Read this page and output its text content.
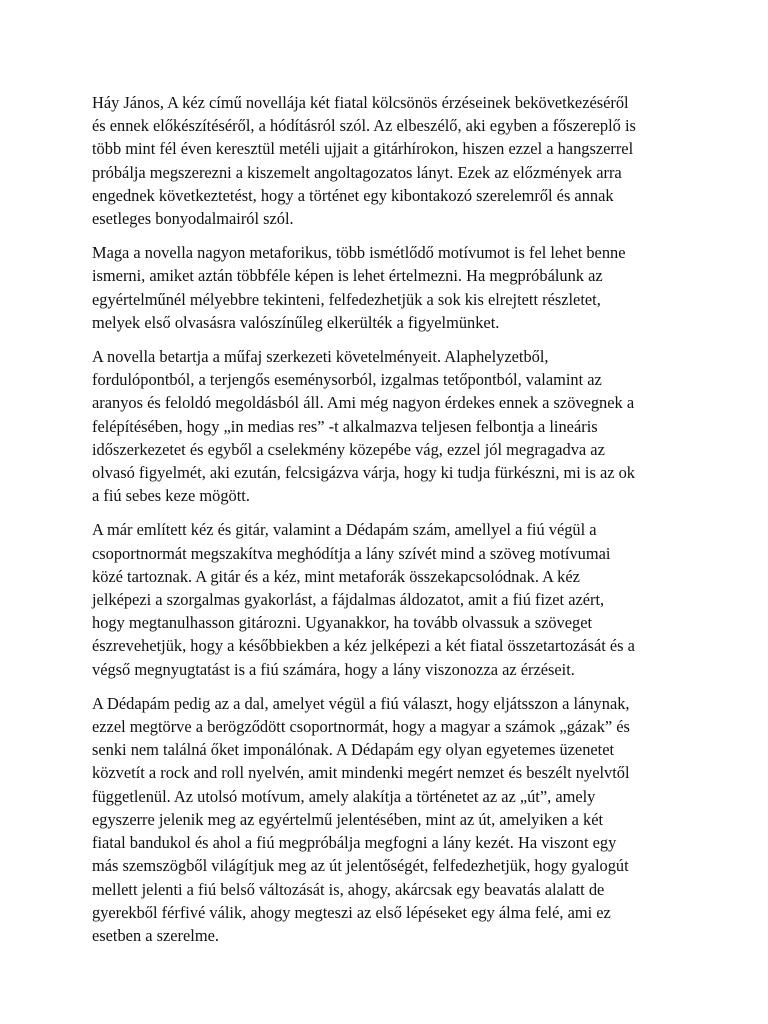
Háy János, A kéz című novellája két fiatal kölcsönös érzéseinek bekövetkezéséről
és ennek előkészítéséről, a hódításról szól. Az elbeszélő, aki egyben a főszereplő is
több mint fél éven keresztül metéli ujjait a gitárhírokon, hiszen ezzel a hangszerrel
próbálja megszerezni a kiszemelt angoltagozatos lányt. Ezek az előzmények arra
engednek következtetést, hogy a történet egy kibontakozó szerelemről és annak
esetleges bonyodalmairól szól.

Maga a novella nagyon metaforikus, több ismétlődő motívumot is fel lehet benne
ismerni, amiket aztán többféle képen is lehet értelmezni. Ha megpróbálunk az
egyértelműnél mélyebbre tekinteni, felfedezhetjük a sok kis elrejtett részletet,
melyek első olvasásra valószínűleg elkerülték a figyelmünket.

A novella betartja a műfaj szerkezeti követelményeit. Alaphelyzetből,
fordulópontból, a terjengős eseménysorból, izgalmas tetőpontból, valamint az
aranyos és feloldó megoldásból áll. Ami még nagyon érdekes ennek a szövegnek a
felépítésében, hogy „in medias res” -t alkalmazva teljesen felbontja a lineáris
időszerkezetet és egyből a cselekmény közepébe vág, ezzel jól megragadva az
olvasó figyelmét, aki ezután, felcsigázva várja, hogy ki tudja fürkészni, mi is az ok
a fiú sebes keze mögött.

A már említett kéz és gitár, valamint a Dédapám szám, amellyel a fiú végül a
csoportnormát megszakítva meghódítja a lány szívét mind a szöveg motívumai
közé tartoznak. A gitár és a kéz, mint metaforák összekapcsolódnak. A kéz
jelképezi a szorgalmas gyakorlást, a fájdalmas áldozatot, amit a fiú fizet azért,
hogy megtanulhasson gitározni. Ugyanakkor, ha tovább olvassuk a szöveget
észrevehetjük, hogy a későbbiekben a kéz jelképezi a két fiatal összetartozását és a
végső megnyugtatást is a fiú számára, hogy a lány viszonozza az érzéseit.

A Dédapám pedig az a dal, amelyet végül a fiú választ, hogy eljátsszon a lánynak,
ezzel megtörve a berögződött csoportnormát, hogy a magyar a számok „gázak” és
senki nem találná őket imponálónak. A Dédapám egy olyan egyetemes üzenetet
közvetít a rock and roll nyelvén, amit mindenki megért nemzet és beszélt nyelvtől
függetlenül. Az utolsó motívum, amely alakítja a történetet az az „út”, amely
egyszerre jelenik meg az egyértelmű jelentésében, mint az út, amelyiken a két
fiatal bandukol és ahol a fiú megpróbálja megfogni a lány kezét. Ha viszont egy
más szemszögből világítjuk meg az út jelentőségét, felfedezhetjük, hogy gyalogút
mellett jelenti a fiú belső változását is, ahogy, akárcsak egy beavatás alalatt de
gyerekből férfivé válik, ahogy megteszi az első lépéseket egy álma felé, ami ez
esetben a szerelme.
